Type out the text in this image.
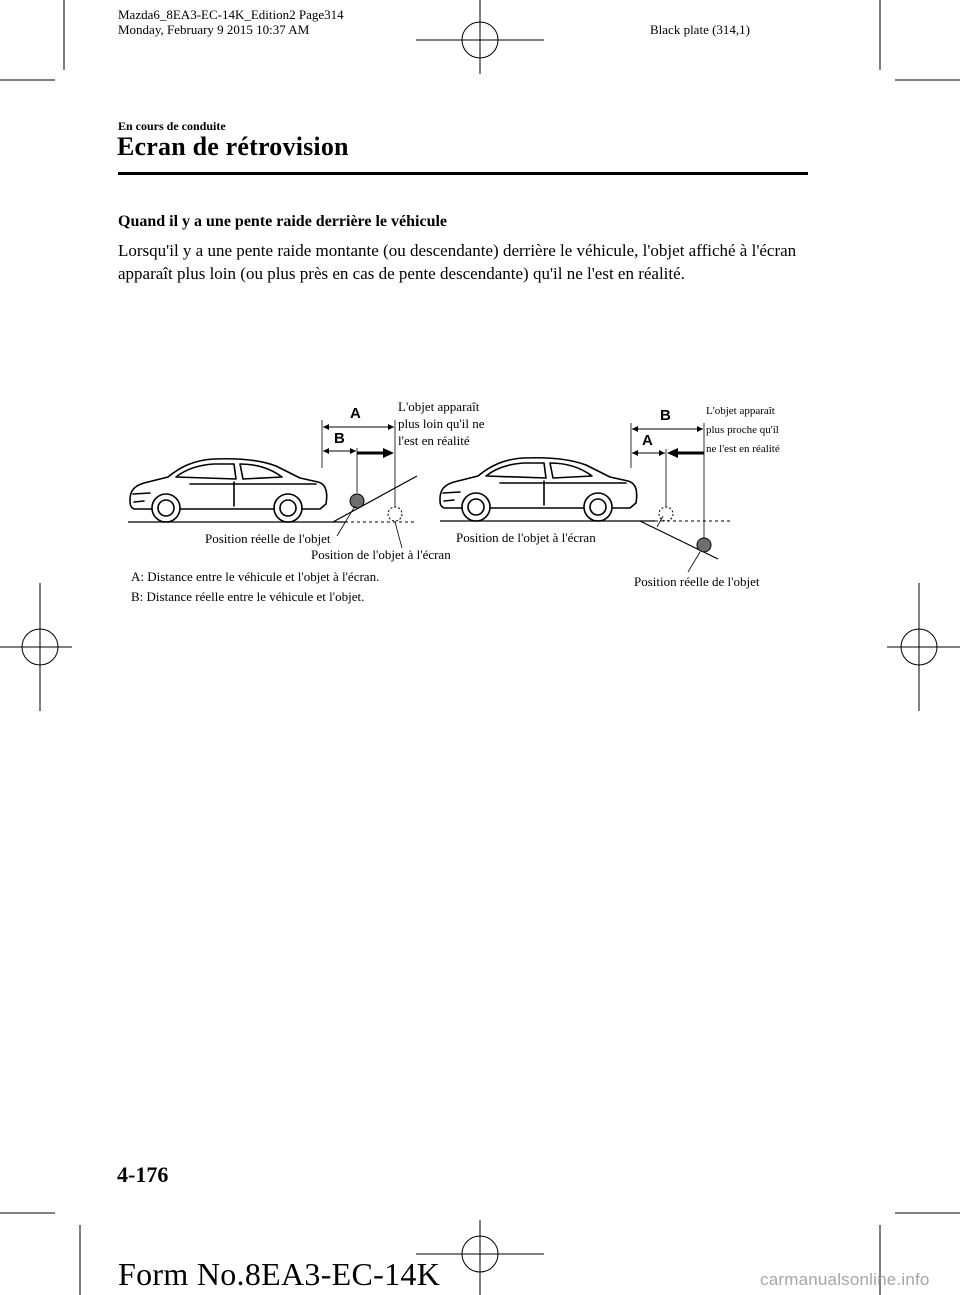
Mazda6_8EA3-EC-14K_Edition2 Page314
Monday, February 9 2015 10:37 AM	Black plate (314,1)
En cours de conduite
Ecran de rétrovision
Quand il y a une pente raide derrière le véhicule
Lorsqu'il y a une pente raide montante (ou descendante) derrière le véhicule, l'objet affiché à l'écran apparaît plus loin (ou plus près en cas de pente descendante) qu'il ne l'est en réalité.
A
B
L'objet apparaît
plus loin qu'il ne
l'est en réalité
Position réelle de l'objet
Position de l'objet à l'écran
B
A
L'objet apparaît
plus proche qu'il
ne l'est en réalité
Position de l'objet à l'écran
Position réelle de l'objet
A: Distance entre le véhicule et l'objet à l'écran.
B: Distance réelle entre le véhicule et l'objet.
4-176
Form No.8EA3-EC-14K	carmanualsonline.info
